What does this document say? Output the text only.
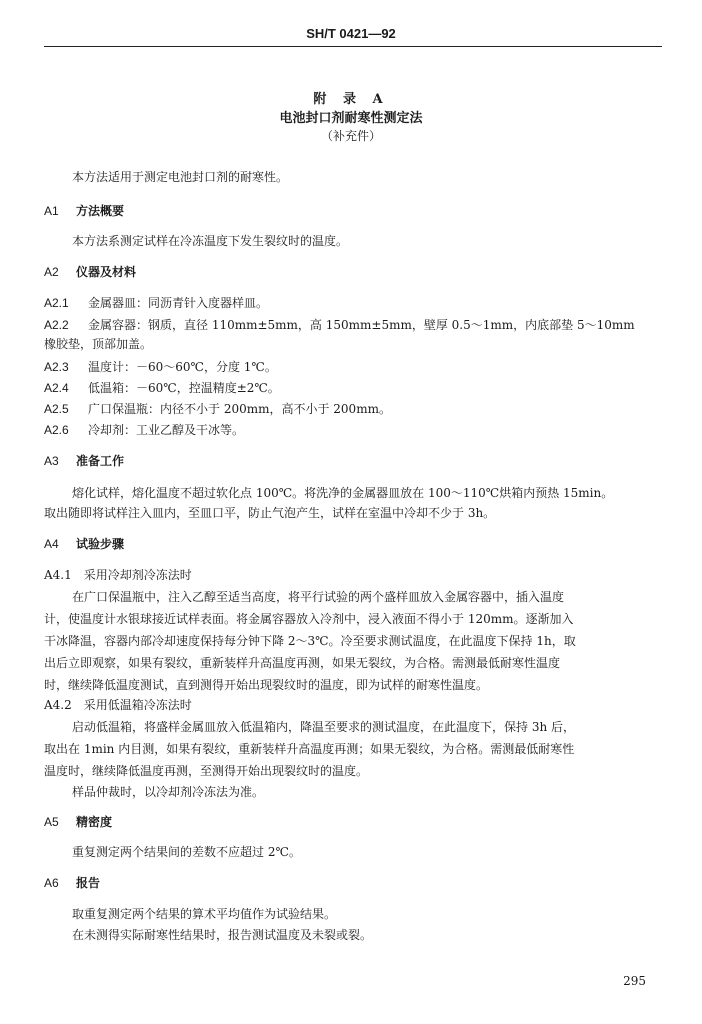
SH/T 0421—92
附 录 A
电池封口剂耐寒性测定法
（补充件）
本方法适用于测定电池封口剂的耐寒性。
A1 方法概要
本方法系测定试样在冷冻温度下发生裂纹时的温度。
A2 仪器及材料
A2.1 金属器皿：同沥青针入度器样皿。
A2.2 金属容器：钢质，直径 110mm±5mm，高 150mm±5mm，壁厚 0.5～1mm，内底部垫 5～10mm
橡胶垫，顶部加盖。
A2.3 温度计：－60～60℃，分度 1℃。
A2.4 低温箱：－60℃，控温精度±2℃。
A2.5 广口保温瓶：内径不小于 200mm，高不小于 200mm。
A2.6 冷却剂：工业乙醇及干冰等。
A3 准备工作
熔化试样，熔化温度不超过软化点 100℃。将洗净的金属器皿放在 100～110℃烘箱内预热 15min。
取出随即将试样注入皿内，至皿口平，防止气泡产生，试样在室温中冷却不少于 3h。
A4 试验步骤
A4.1　采用冷却剂冷冻法时
在广口保温瓶中，注入乙醇至适当高度，将平行试验的两个盛样皿放入金属容器中，插入温度
计，使温度计水银球接近试样表面。将金属容器放入冷剂中，浸入液面不得小于 120mm。逐渐加入
干冰降温，容器内部冷却速度保持每分钟下降 2～3℃。冷至要求测试温度，在此温度下保持 1h，取
出后立即观察，如果有裂纹，重新装样升高温度再测，如果无裂纹，为合格。需测最低耐寒性温度
时，继续降低温度测试，直到测得开始出现裂纹时的温度，即为试样的耐寒性温度。
A4.2　采用低温箱冷冻法时
启动低温箱，将盛样金属皿放入低温箱内，降温至要求的测试温度，在此温度下，保持 3h 后，
取出在 1min 内目测，如果有裂纹，重新装样升高温度再测；如果无裂纹，为合格。需测最低耐寒性
温度时，继续降低温度再测，至测得开始出现裂纹时的温度。
样品仲裁时，以冷却剂冷冻法为准。
A5 精密度
重复测定两个结果间的差数不应超过 2℃。
A6 报告
取重复测定两个结果的算术平均值作为试验结果。
在未测得实际耐寒性结果时，报告测试温度及未裂或裂。
295
